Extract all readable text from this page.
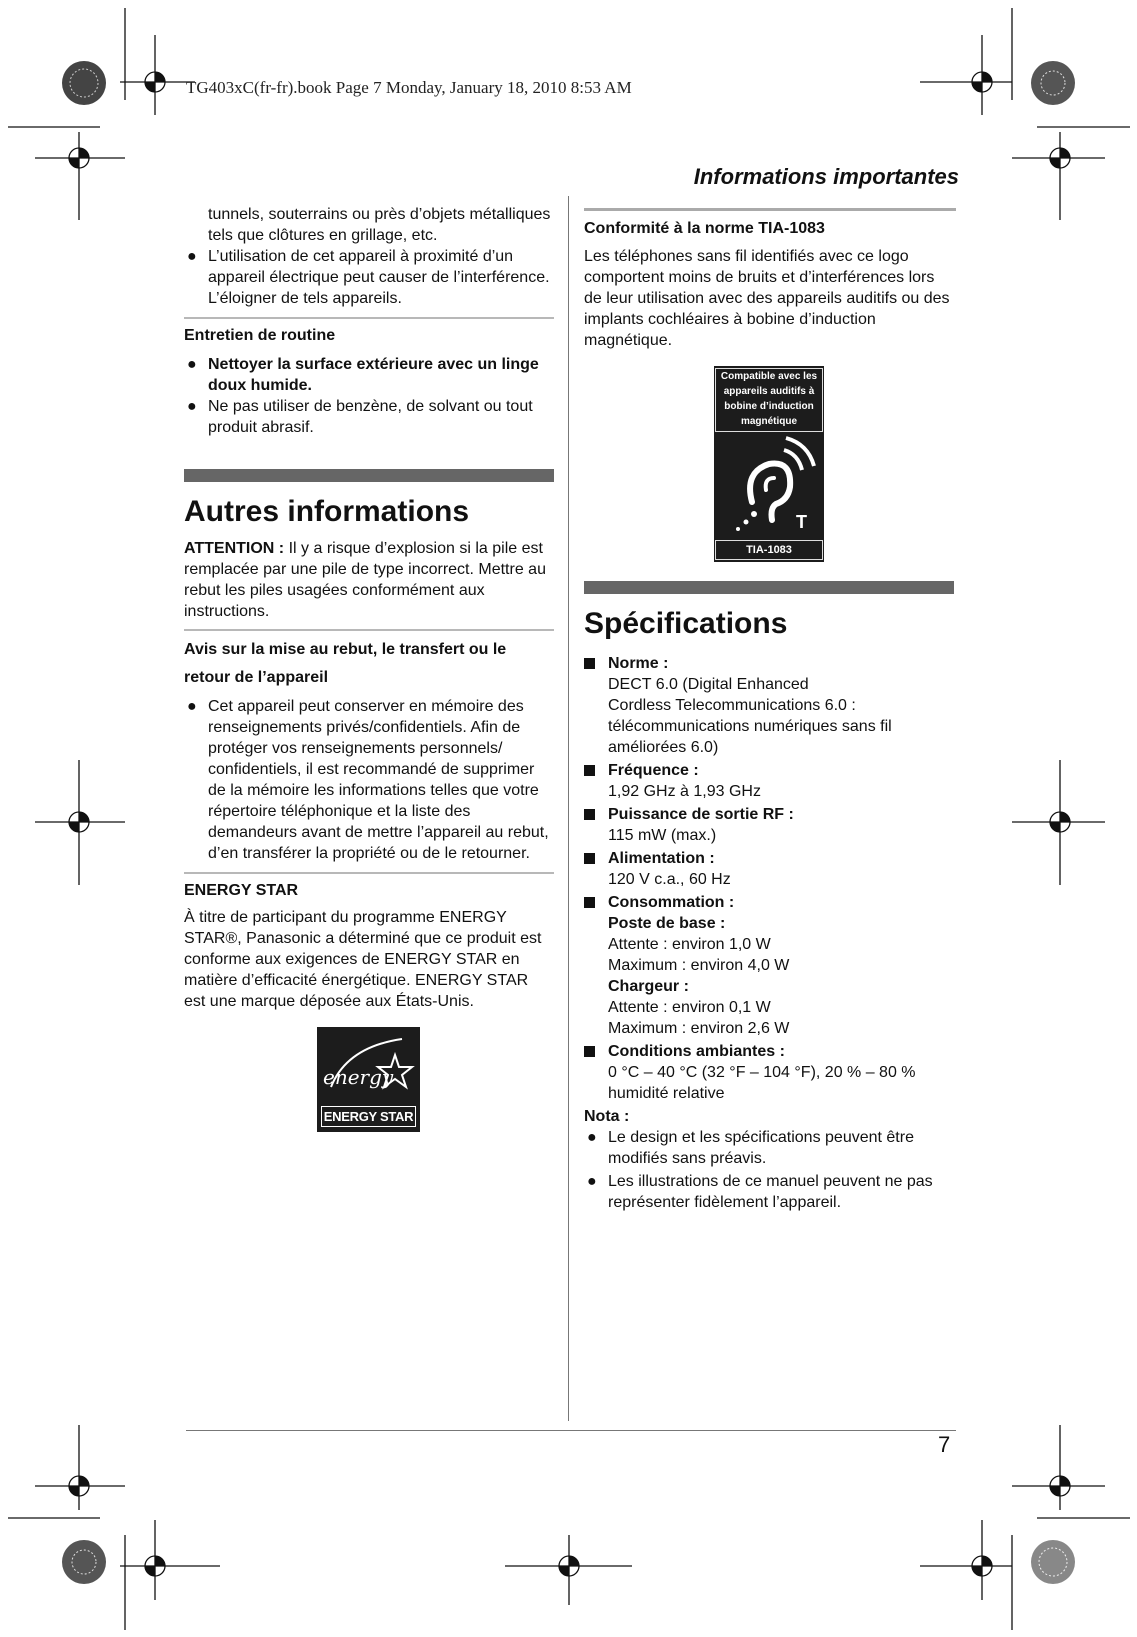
TG403xC(fr-fr).book Page 7 Monday, January 18, 2010 8:53 AM
Informations importantes

tunnels, souterrains ou près d’objets métalliques
tels que clôtures en grillage, etc.

● L’utilisation de cet appareil à proximité d’un
appareil électrique peut causer de l’interférence.
L’éloigner de tels appareils.

Entretien de routine

● Nettoyer la surface extérieure avec un linge
doux humide.

● Ne pas utiliser de benzène, de solvant ou tout
produit abrasif.

Autres informations

ATTENTION : Il y a risque d’explosion si la pile est
remplacée par une pile de type incorrect. Mettre au
rebut les piles usagées conformément aux
instructions.

Avis sur la mise au rebut, le transfert ou le
retour de l’appareil

● Cet appareil peut conserver en mémoire des
renseignements privés/confidentiels. Afin de
protéger vos renseignements personnels/
confidentiels, il est recommandé de supprimer
de la mémoire les informations telles que votre
répertoire téléphonique et la liste des
demandeurs avant de mettre l’appareil au rebut,
d’en transférer la propriété ou de le retourner.

ENERGY STAR

À titre de participant du programme ENERGY
STAR®, Panasonic a déterminé que ce produit est
conforme aux exigences de ENERGY STAR en
matière d’efficacité énergétique. ENERGY STAR
est une marque déposée aux États-Unis.

energy
ENERGY STAR
Conformité à la norme TIA-1083

Les téléphones sans fil identifiés avec ce logo
comportent moins de bruits et d’interférences lors
de leur utilisation avec des appareils auditifs ou des
implants cochléaires à bobine d’induction
magnétique.

Compatible avec les
appareils auditifs à
bobine d’induction
magnétique
T
TIA-1083
Spécifications

Norme :
DECT 6.0 (Digital Enhanced
Cordless Telecommunications 6.0 :
télécommunications numériques sans fil
améliorées 6.0)

Fréquence :
1,92 GHz à 1,93 GHz

Puissance de sortie RF :
115 mW (max.)

Alimentation :
120 V c.a., 60 Hz

Consommation :
Poste de base :
Attente : environ 1,0 W
Maximum : environ 4,0 W
Chargeur :
Attente : environ 0,1 W
Maximum : environ 2,6 W

Conditions ambiantes :
0 °C – 40 °C (32 °F – 104 °F), 20 % – 80 %
humidité relative

Nota :

● Le design et les spécifications peuvent être
modifiés sans préavis.

● Les illustrations de ce manuel peuvent ne pas
représenter fidèlement l’appareil.

7
